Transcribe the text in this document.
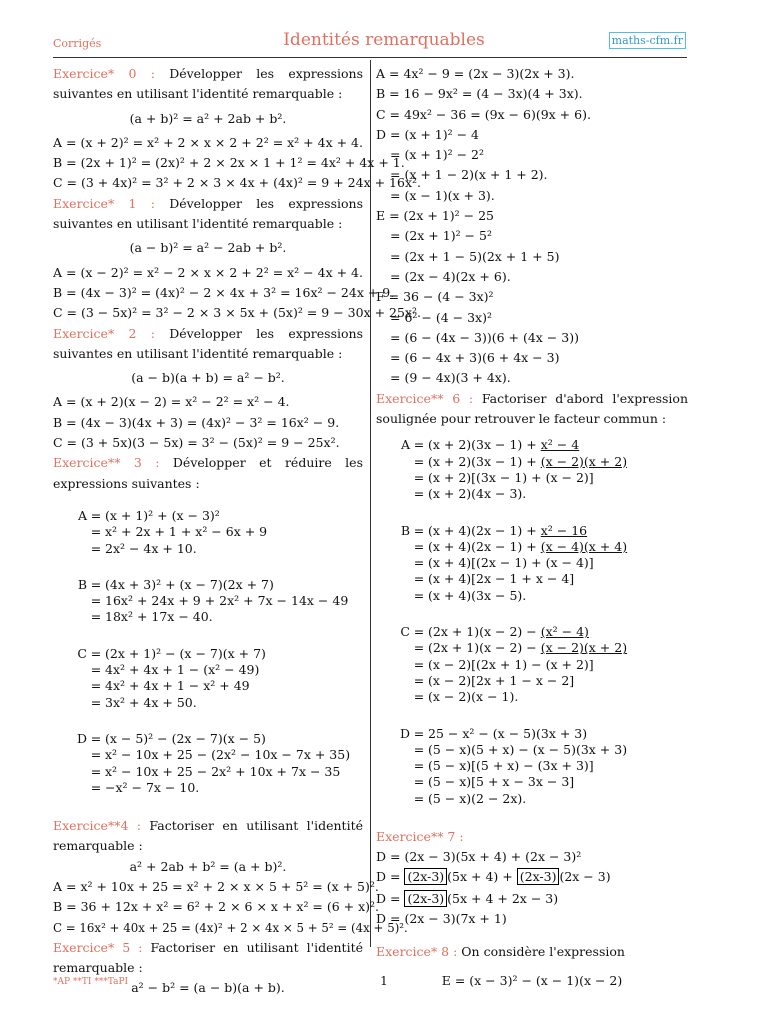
Corrigés	Identités remarquables	maths-cfm.fr
Exercice* 0 : Développer les expressions suivantes en utilisant l'identité remarquable :
(a + b)² = a² + 2ab + b².
A = (x + 2)² = x² + 2 × x × 2 + 2² = x² + 4x + 4.
B = (2x + 1)² = (2x)² + 2 × 2x × 1 + 1² = 4x² + 4x + 1.
C = (3 + 4x)² = 3² + 2 × 3 × 4x + (4x)² = 9 + 24x + 16x².
Exercice* 1 : Développer les expressions suivantes en utilisant l'identité remarquable :
(a − b)² = a² − 2ab + b².
A = (x − 2)² = x² − 2 × x × 2 + 2² = x² − 4x + 4.
B = (4x − 3)² = (4x)² − 2 × 4x + 3² = 16x² − 24x + 9.
C = (3 − 5x)² = 3² − 2 × 3 × 5x + (5x)² = 9 − 30x + 25x².
Exercice* 2 : Développer les expressions suivantes en utilisant l'identité remarquable :
(a − b)(a + b) = a² − b².
A = (x + 2)(x − 2) = x² − 2² = x² − 4.
B = (4x − 3)(4x + 3) = (4x)² − 3² = 16x² − 9.
C = (3 + 5x)(3 − 5x) = 3² − (5x)² = 9 − 25x².
Exercice** 3 : Développer et réduire les expressions suivantes :
A = (x + 1)² + (x − 3)²
= x² + 2x + 1 + x² − 6x + 9
= 2x² − 4x + 10.
B = (4x + 3)² + (x − 7)(2x + 7)
= 16x² + 24x + 9 + 2x² + 7x − 14x − 49
= 18x² + 17x − 40.
C = (2x + 1)² − (x − 7)(x + 7)
= 4x² + 4x + 1 − (x² − 49)
= 4x² + 4x + 1 − x² + 49
= 3x² + 4x + 50.
D = (x − 5)² − (2x − 7)(x − 5)
= x² − 10x + 25 − (2x² − 10x − 7x + 35)
= x² − 10x + 25 − 2x² + 10x + 7x − 35
= −x² − 7x − 10.
Exercice**4 : Factoriser en utilisant l'identité remarquable :
a² + 2ab + b² = (a + b)².
A = x² + 10x + 25 = x² + 2 × x × 5 + 5² = (x + 5)².
B = 36 + 12x + x² = 6² + 2 × 6 × x + x² = (6 + x)².
C = 16x² + 40x + 25 = (4x)² + 2 × 4x × 5 + 5² = (4x + 5)².
Exercice* 5 : Factoriser en utilisant l'identité remarquable :
a² − b² = (a − b)(a + b).
A = 4x² − 9 = (2x − 3)(2x + 3).
B = 16 − 9x² = (4 − 3x)(4 + 3x).
C = 49x² − 36 = (9x − 6)(9x + 6).
D = (x + 1)² − 4
= (x + 1)² − 2²
= (x + 1 − 2)(x + 1 + 2).
= (x − 1)(x + 3).
E = (2x + 1)² − 25
= (2x + 1)² − 5²
= (2x + 1 − 5)(2x + 1 + 5)
= (2x − 4)(2x + 6).
F = 36 − (4 − 3x)²
= 6² − (4 − 3x)²
= (6 − (4x − 3))(6 + (4x − 3))
= (6 − 4x + 3)(6 + 4x − 3)
= (9 − 4x)(3 + 4x).
Exercice** 6 : Factoriser d'abord l'expression soulignée pour retrouver le facteur commun :
A = (x + 2)(3x − 1) + x² − 4
= (x + 2)(3x − 1) + (x − 2)(x + 2)
= (x + 2)[(3x − 1) + (x − 2)]
= (x + 2)(4x − 3).
B = (x + 4)(2x − 1) + x² − 16
= (x + 4)(2x − 1) + (x − 4)(x + 4)
= (x + 4)[(2x − 1) + (x − 4)]
= (x + 4)[2x − 1 + x − 4]
= (x + 4)(3x − 5).
C = (2x + 1)(x − 2) − (x² − 4)
= (2x + 1)(x − 2) − (x − 2)(x + 2)
= (x − 2)[(2x + 1) − (x + 2)]
= (x − 2)[2x + 1 − x − 2]
= (x − 2)(x − 1).
D = 25 − x² − (x − 5)(3x + 3)
= (5 − x)(5 + x) − (x − 5)(3x + 3)
= (5 − x)[(5 + x) − (3x + 3)]
= (5 − x)[5 + x − 3x − 3]
= (5 − x)(2 − 2x).
Exercice** 7 :
D = (2x − 3)(5x + 4) + (2x − 3)²
D = (2x-3) (5x + 4) + (2x-3) (2x − 3)
D = (2x-3) (5x + 4 + 2x − 3)
D = (2x − 3)(7x + 1)
Exercice* 8 : On considère l'expression
E = (x − 3)² − (x − 1)(x − 2)
*AP **TI ***TaPI	1
